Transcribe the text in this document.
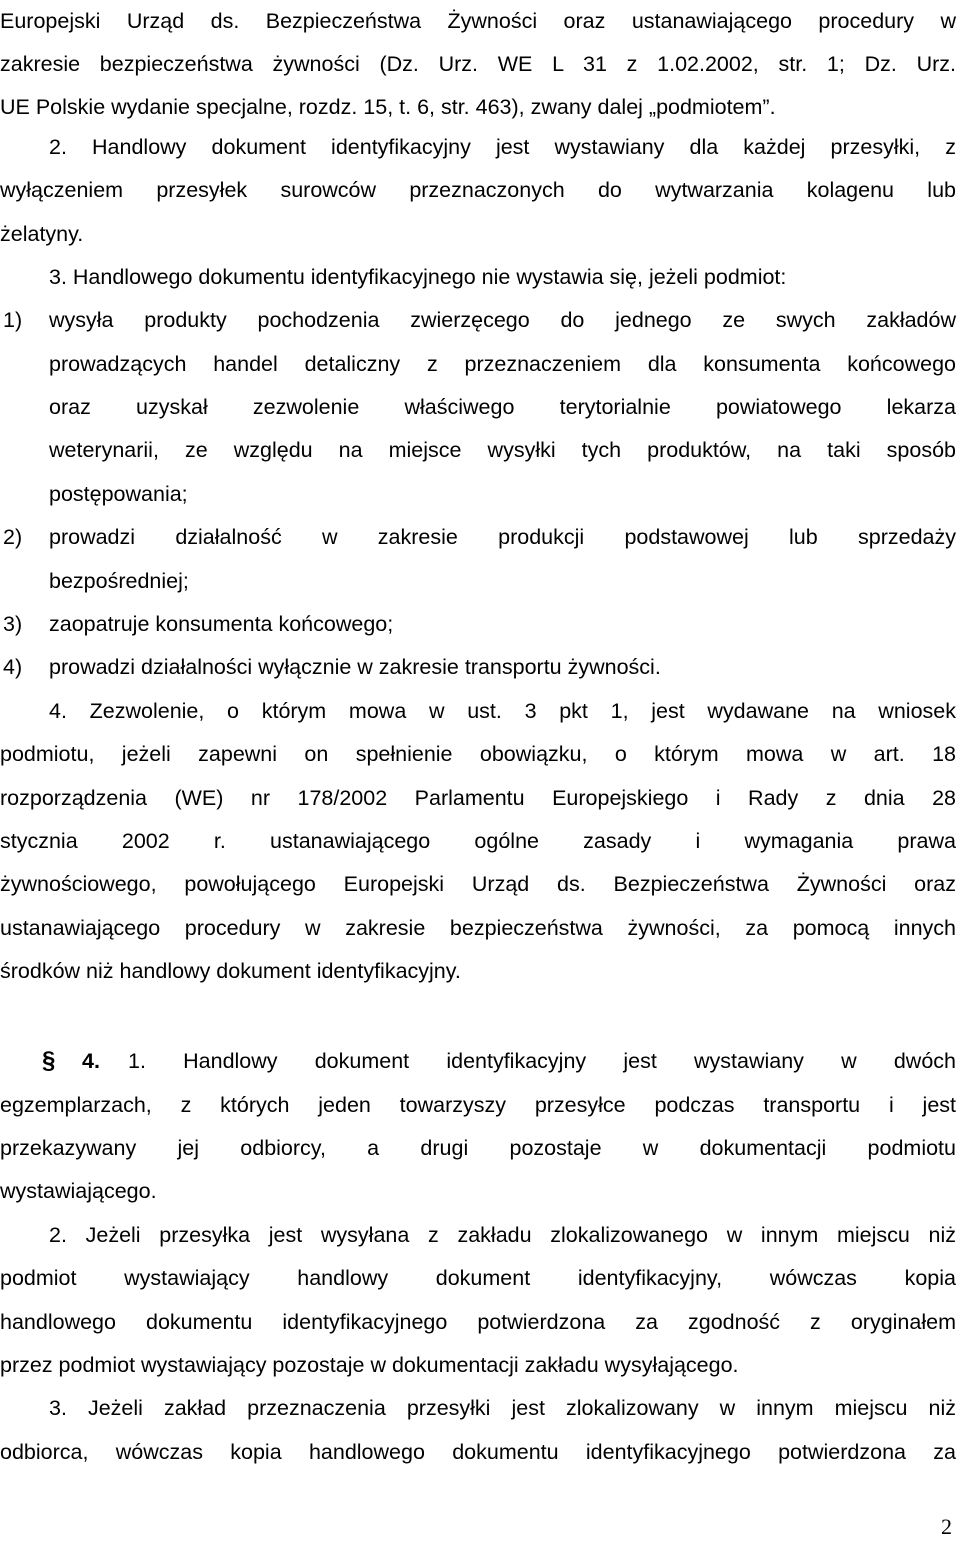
Europejski Urząd ds. Bezpieczeństwa Żywności oraz ustanawiającego procedury w
zakresie bezpieczeństwa żywności (Dz. Urz. WE L 31 z 1.02.2002, str. 1; Dz. Urz.
UE Polskie wydanie specjalne, rozdz. 15, t. 6, str. 463), zwany dalej „podmiotem”.
2. Handlowy dokument identyfikacyjny jest wystawiany dla każdej przesyłki, z
wyłączeniem przesyłek surowców przeznaczonych do wytwarzania kolagenu lub
żelatyny.
3. Handlowego dokumentu identyfikacyjnego nie wystawia się, jeżeli podmiot:
1) wysyła produkty pochodzenia zwierzęcego do jednego ze swych zakładów
prowadzących handel detaliczny z przeznaczeniem dla konsumenta końcowego
oraz uzyskał zezwolenie właściwego terytorialnie powiatowego lekarza
weterynarii, ze względu na miejsce wysyłki tych produktów, na taki sposób
postępowania;
2) prowadzi działalność w zakresie produkcji podstawowej lub sprzedaży
bezpośredniej;
3) zaopatruje konsumenta końcowego;
4) prowadzi działalności wyłącznie w zakresie transportu żywności.
4. Zezwolenie, o którym mowa w ust. 3 pkt 1, jest wydawane na wniosek
podmiotu, jeżeli zapewni on spełnienie obowiązku, o którym mowa w art. 18
rozporządzenia (WE) nr 178/2002 Parlamentu Europejskiego i Rady z dnia 28
stycznia 2002 r. ustanawiającego ogólne zasady i wymagania prawa
żywnościowego, powołującego Europejski Urząd ds. Bezpieczeństwa Żywności oraz
ustanawiającego procedury w zakresie bezpieczeństwa żywności, za pomocą innych
środków niż handlowy dokument identyfikacyjny.
§ 4.	1. Handlowy dokument identyfikacyjny jest wystawiany w dwóch
egzemplarzach, z których jeden towarzyszy przesyłce podczas transportu i jest
przekazywany jej odbiorcy, a drugi pozostaje w dokumentacji podmiotu
wystawiającego.
2. Jeżeli przesyłka jest wysyłana z zakładu zlokalizowanego w innym miejscu niż
podmiot wystawiający handlowy dokument identyfikacyjny, wówczas kopia
handlowego dokumentu identyfikacyjnego potwierdzona za zgodność z oryginałem
przez podmiot wystawiający pozostaje w dokumentacji zakładu wysyłającego.
3. Jeżeli zakład przeznaczenia przesyłki jest zlokalizowany w innym miejscu niż
odbiorca, wówczas kopia handlowego dokumentu identyfikacyjnego potwierdzona za
2
